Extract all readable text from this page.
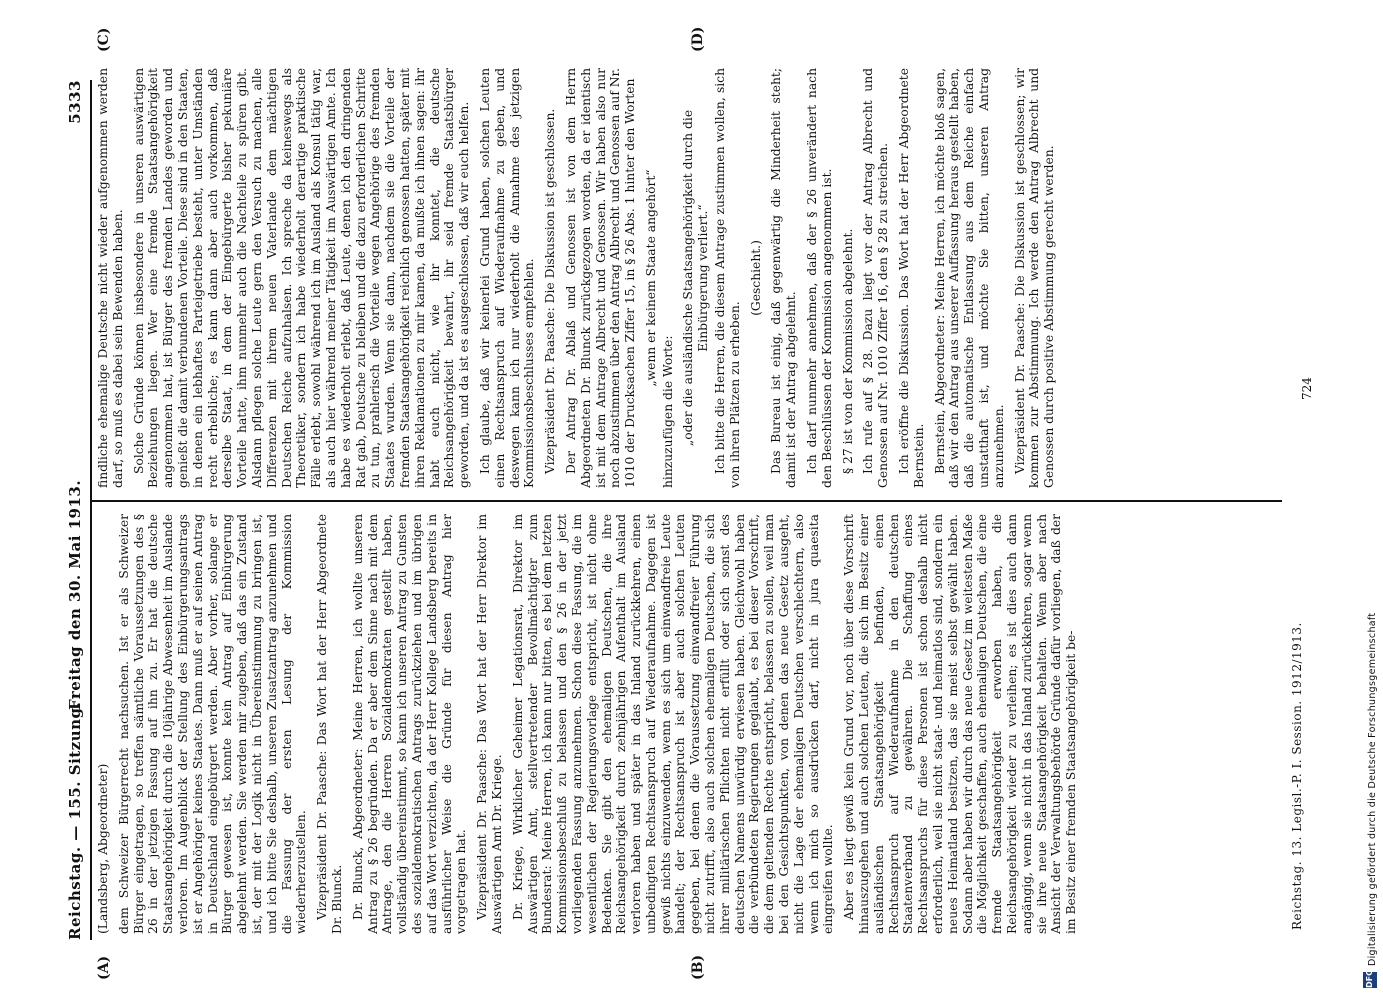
Reichstag. — 155. Sitzung.
Freitag den 30. Mai 1913.
5333
(A)	(B)
(C)	(D)

(Landsberg, Abgeordneter) dem Schweizer Bürgerrecht nachsuchen. Ist er als Schweizer Bürger eingetragen, so treffen sämtliche Voraussetzungen des § 26 in der jetzigen Fassung auf ihn zu. Er hat die deutsche Staatsangehörigkeit durch die 10jährige Abwesenheit im Auslande verloren. Im Augenblick der Stellung des Einbürgerungsantrags ist er Angehöriger keines Staates. Dann muß er auf seinen Antrag in Deutschland eingebürgert werden. Aber vorher, solange er Bürger gewesen ist, konnte kein Antrag auf Einbürgerung abgelehnt werden. Sie werden mir zugeben, daß das ein Zustand ist, der mit der Logik nicht in Übereinstimmung zu bringen ist, und ich bitte Sie deshalb, unseren Zusatzantrag anzunehmen und die Fassung der ersten Lesung der Kommission wiederherzustellen. Vizepräsident Dr. Paasche: Das Wort hat der Herr Abgeordnete Dr. Blunck. Dr. Blunck, Abgeordneter: Meine Herren, ich wollte unseren Antrag zu § 26 begründen. Da er aber dem Sinne nach mit dem Antrage, den die Herren Sozialdemokraten gestellt haben, vollständig übereinstimmt, so kann ich unseren Antrag zu Gunsten des sozialdemokratischen Antrags zurückziehen und im übrigen auf das Wort verzichten, da der Herr Kollege Landsberg bereits in ausführlicher Weise die Gründe für diesen Antrag hier vorgetragen hat. Vizepräsident Dr. Paasche: Das Wort hat der Herr Direktor im Auswärtigen Amt Dr. Kriege. Dr. Kriege, Wirklicher Geheimer Legationsrat, Direktor im Auswärtigen Amt, stellvertretender Bevollmächtigter zum Bundesrat: Meine Herren, ich kann nur bitten, es bei dem letzten Kommissionsbeschluß zu belassen und den § 26 in der jetzt vorliegenden Fassung anzunehmen. Schon diese Fassung, die im wesentlichen der Regierungsvorlage entspricht, ist nicht ohne Bedenken. Sie gibt den ehemaligen Deutschen, die ihre Reichsangehörigkeit durch zehnjährigen Aufenthalt im Ausland verloren haben und später in das Inland zurückkehren, einen unbedingten Rechtsanspruch auf Wiederaufnahme. Dagegen ist gewiß nichts einzuwenden, wenn es sich um einwandfreie Leute handelt; der Rechtsanspruch ist aber auch solchen Leuten gegeben, bei denen die Voraussetzung einwandfreier Führung nicht zutrifft, also auch solchen ehemaligen Deutschen, die sich ihrer militärischen Pflichten nicht erfüllt oder sich sonst des deutschen Namens unwürdig erwiesen haben. Gleichwohl haben die verbündeten Regierungen geglaubt, es bei dieser Vorschrift, die dem geltenden Rechte entspricht, belassen zu sollen, weil man bei den Gesichtspunkten, von denen das neue Gesetz ausgeht, nicht die Lage der ehemaligen Deutschen verschlechtern, also wenn ich mich so ausdrücken darf, nicht in jura quaesita eingreifen wollte. Aber es liegt gewiß kein Grund vor, noch über diese Vorschrift hinauszugehen und auch solchen Leuten, die sich im Besitz einer ausländischen Staatsangehörigkeit befinden, einen Rechtsanspruch auf Wiederaufnahme in den deutschen Staatenverband zu gewähren. Die Schaffung eines Rechtsanspruchs für diese Personen ist schon deshalb nicht erforderlich, weil sie nicht staat- und heimatlos sind, sondern ein neues Heimatland besitzen, das sie meist selbst gewählt haben. Sodann aber haben wir durch das neue Gesetz im weitesten Maße die Möglichkeit geschaffen, auch ehemaligen Deutschen, die eine fremde Staatsangehörigkeit erworben haben, die Reichsangehörigkeit wieder zu verleihen; es ist dies auch dann angängig, wenn sie nicht in das Inland zurückkehren, sogar wenn sie ihre neue Staatsangehörigkeit behalten. Wenn aber nach Ansicht der Verwaltungsbehörde Gründe dafür vorliegen, daß der im Besitz einer fremden Staatsangehörigkeit be-

findliche ehemalige Deutsche nicht wieder aufgenommen werden darf, so muß es dabei sein Bewenden haben. Solche Gründe können insbesondere in unseren auswärtigen Beziehungen liegen. Wer eine fremde Staatsangehörigkeit angenommen hat, ist Bürger des fremden Landes geworden und genießt die damit verbundenen Vorteile. Diese sind in den Staaten, in denen ein lebhaftes Parteigetriebe besteht, unter Umständen recht erhebliche; es kann dann aber auch vorkommen, daß derselbe Staat, in dem der Eingebürgerte bisher pekuniäre Vorteile hatte, ihm nunmehr auch die Nachteile zu spüren gibt. Alsdann pflegen solche Leute gern den Versuch zu machen, alle Differenzen mit ihrem neuen Vaterlande dem mächtigen Deutschen Reiche aufzuhalsen. Ich spreche da keineswegs als Theoretiker, sondern ich habe wiederholt derartige praktische Fälle erlebt, sowohl während ich im Ausland als Konsul tätig war, als auch hier während meiner Tätigkeit im Auswärtigen Amte. Ich habe es wiederholt erlebt, daß Leute, denen ich den dringenden Rat gab, Deutsche zu bleiben und die dazu erforderlichen Schritte zu tun, prahlerisch die Vorteile wegen Angehörige des fremden Staates wurden. Wenn sie dann, nachdem sie die Vorteile der fremden Staatsangehörigkeit reichlich genossen hatten, später mit ihren Reklamationen zu mir kamen, da mußte ich ihnen sagen: ihr habt euch nicht, wie ihr konntet, die deutsche Reichsangehörigkeit bewahrt, ihr seid fremde Staatsbürger geworden, und da ist es ausgeschlossen, daß wir euch helfen. Ich glaube, daß wir keinerlei Grund haben, solchen Leuten einen Rechtsanspruch auf Wiederaufnahme zu geben, und deswegen kann ich nur wiederholt die Annahme des jetzigen Kommissionsbeschlusses empfehlen. Vizepräsident Dr. Paasche: Die Diskussion ist geschlossen. Der Antrag Dr. Ablaß und Genossen ist von dem Herrn Abgeordneten Dr. Blunck zurückgezogen worden, da er identisch ist mit dem Antrage Albrecht und Genossen. Wir haben also nur noch abzustimmen über den Antrag Albrecht und Genossen auf Nr. 1010 der Drucksachen Ziffer 15, in § 26 Abs. 1 hinter den Worten „wenn er keinem Staate angehört“

hinzuzufügen die Worte: „oder die ausländische Staatsangehörigkeit durch die Einbürgerung verliert.“ Ich bitte die Herren, die diesem Antrage zustimmen wollen, sich von ihren Plätzen zu erheben.

(Geschieht.) Das Bureau ist einig, daß gegenwärtig die Minderheit steht; damit ist der Antrag abgelehnt. Ich darf nunmehr annehmen, daß der § 26 unverändert nach den Beschlüssen der Kommission angenommen ist. § 27 ist von der Kommission abgelehnt. Ich rufe auf § 28. Dazu liegt vor der Antrag Albrecht und Genossen auf Nr. 1010 Ziffer 16, den § 28 zu streichen. Ich eröffne die Diskussion. Das Wort hat der Herr Abgeordnete Bernstein. Bernstein, Abgeordneter: Meine Herren, ich möchte bloß sagen, daß wir den Antrag aus unserer Auffassung heraus gestellt haben, daß die automatische Entlassung aus dem Reiche einfach unstatthaft ist, und möchte Sie bitten, unseren Antrag anzunehmen. Vizepräsident Dr. Paasche: Die Diskussion ist geschlossen; wir kommen zur Abstimmung. Ich werde den Antrag Albrecht und Genossen durch positive Abstimmung gerecht werden.

Reichstag. 13. Legisl.-P. I. Session. 1912/1913.
724
DFG
Digitalisierung gefördert durch die Deutsche Forschungsgemeinschaft
